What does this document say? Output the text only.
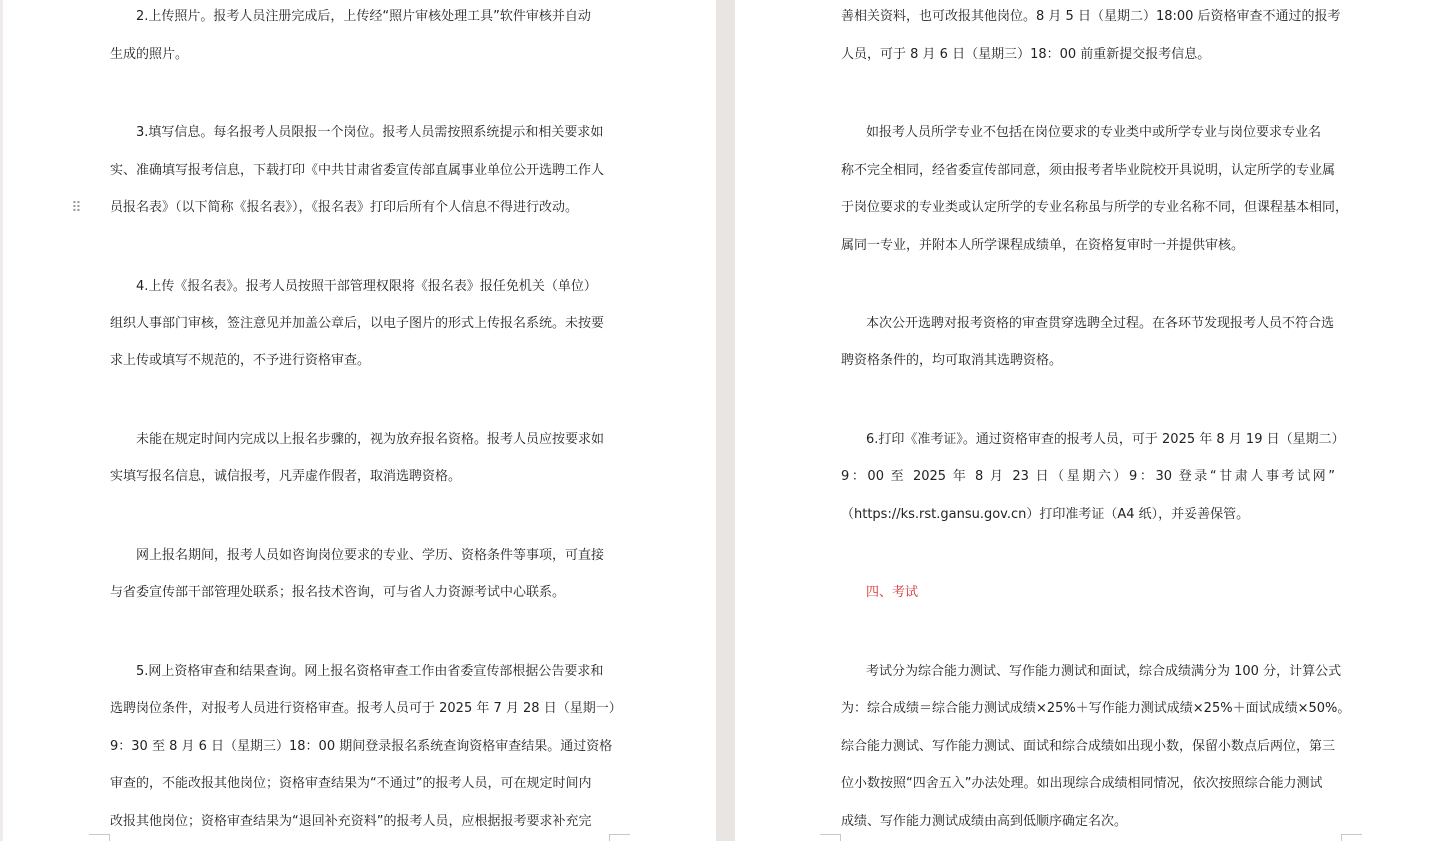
2.上传照片。报考人员注册完成后，上传经“照片审核处理工具”软件审核并自动

生成的照片。

3.填写信息。每名报考人员限报一个岗位。报考人员需按照系统提示和相关要求如

实、准确填写报考信息，下载打印《中共甘肃省委宣传部直属事业单位公开选聘工作人

员报名表》（以下简称《报名表》），《报名表》打印后所有个人信息不得进行改动。

4.上传《报名表》。报考人员按照干部管理权限将《报名表》报任免机关（单位）

组织人事部门审核，签注意见并加盖公章后，以电子图片的形式上传报名系统。未按要

求上传或填写不规范的，不予进行资格审查。

未能在规定时间内完成以上报名步骤的，视为放弃报名资格。报考人员应按要求如

实填写报名信息，诚信报考，凡弄虚作假者，取消选聘资格。

网上报名期间，报考人员如咨询岗位要求的专业、学历、资格条件等事项，可直接

与省委宣传部干部管理处联系；报名技术咨询，可与省人力资源考试中心联系。

5.网上资格审查和结果查询。网上报名资格审查工作由省委宣传部根据公告要求和

选聘岗位条件，对报考人员进行资格审查。报考人员可于 2025 年 7 月 28 日（星期一）

9：30 至 8 月 6 日（星期三）18：00 期间登录报名系统查询资格审查结果。通过资格

审查的，不能改报其他岗位；资格审查结果为“不通过”的报考人员，可在规定时间内

改报其他岗位；资格审查结果为“退回补充资料”的报考人员，应根据报考要求补充完

⠿

善相关资料，也可改报其他岗位。8 月 5 日（星期二）18:00 后资格审查不通过的报考

人员，可于 8 月 6 日（星期三）18：00 前重新提交报考信息。

如报考人员所学专业不包括在岗位要求的专业类中或所学专业与岗位要求专业名

称不完全相同，经省委宣传部同意，须由报考者毕业院校开具说明，认定所学的专业属

于岗位要求的专业类或认定所学的专业名称虽与所学的专业名称不同，但课程基本相同，

属同一专业，并附本人所学课程成绩单，在资格复审时一并提供审核。

本次公开选聘对报考资格的审查贯穿选聘全过程。在各环节发现报考人员不符合选

聘资格条件的，均可取消其选聘资格。

6.打印《准考证》。通过资格审查的报考人员，可于 2025 年 8 月 19 日（星期二）

9：00 至 2025 年 8 月 23 日（星期六）9：30 登录“甘肃人事考试网”

（https://ks.rst.gansu.gov.cn）打印准考证（A4 纸），并妥善保管。

四、考试

考试分为综合能力测试、写作能力测试和面试，综合成绩满分为 100 分，计算公式

为：综合成绩＝综合能力测试成绩×25%＋写作能力测试成绩×25%＋面试成绩×50%。

综合能力测试、写作能力测试、面试和综合成绩如出现小数，保留小数点后两位，第三

位小数按照“四舍五入”办法处理。如出现综合成绩相同情况，依次按照综合能力测试

成绩、写作能力测试成绩由高到低顺序确定名次。
